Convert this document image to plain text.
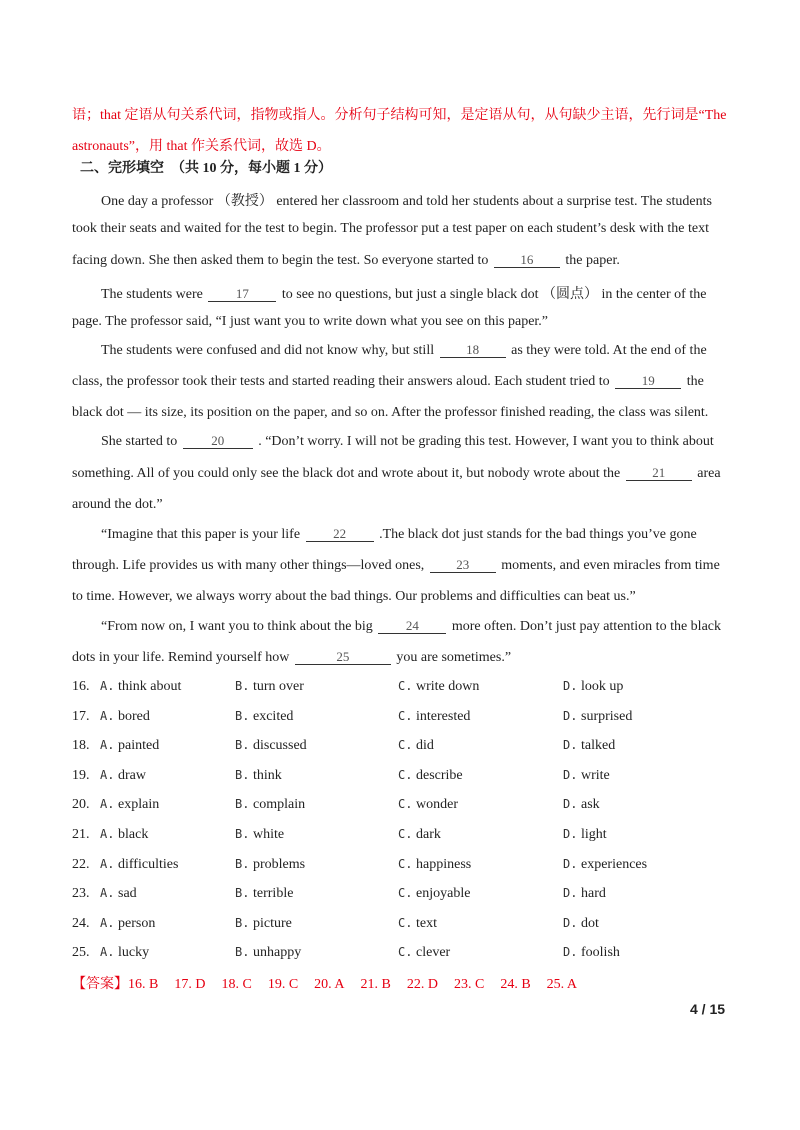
语；that 定语从句关系代词，指物或指人。分析句子结构可知，是定语从句，从句缺少主语，先行词是“The
astronauts”，用 that 作关系代词，故选 D。
二、完形填空　（共 10 分，每小题 1 分）
One day a professor （教授） entered her classroom and told her students about a surprise test. The students
took their seats and waited for the test to begin. The professor put a test paper on each student’s desk with the text
facing down. She then asked them to begin the test. So everyone started to 16 the paper.
The students were	17 to see no questions, but just a single black dot （圆点） in the center of the
page. The professor said, “I just want you to write down what you see on this paper.”
The students were confused and did not know why, but still 18 as they were told. At the end of the
class, the professor took their tests and started reading their answers aloud. Each student tried to 19 the
black dot — its size, its position on the paper, and so on. After the professor finished reading, the class was silent.
She started to	20 . “Don’t worry. I will not be grading this test. However, I want you to think about
something. All of you could only see the black dot and wrote about it, but nobody wrote about the 21 area
around the dot.”
“Imagine that this paper is your life	22 .The black dot just stands for the bad things you’ve gone
through. Life provides us with many other things—loved ones, 23 moments, and even miracles from time
to time. However, we always worry about the bad things. Our problems and difficulties can beat us.”
“From now on, I want you to think about the big	24 more often. Don’t just pay attention to the black
dots in your life. Remind yourself how	25	you are sometimes.”
16. A. think about	B. turn over	C. write down	D. look up
17. A. bored	B. excited	C. interested	D. surprised
18. A. painted	B. discussed	C. did	D. talked
19. A. draw	B. think	C. describe	D. write
20. A. explain	B. complain	C. wonder	D. ask
21. A. black	B. white	C. dark	D. light
22. A. difficulties	B. problems	C. happiness	D. experiences
23. A. sad	B. terrible	C. enjoyable	D. hard
24. A. person	B. picture	C. text	D. dot
25. A. lucky	B. unhappy	C. clever	D. foolish
【答案】16. B 17. D 18. C 19. C 20. A 21. B 22. D 23. C 24. B 25. A
4 / 15
